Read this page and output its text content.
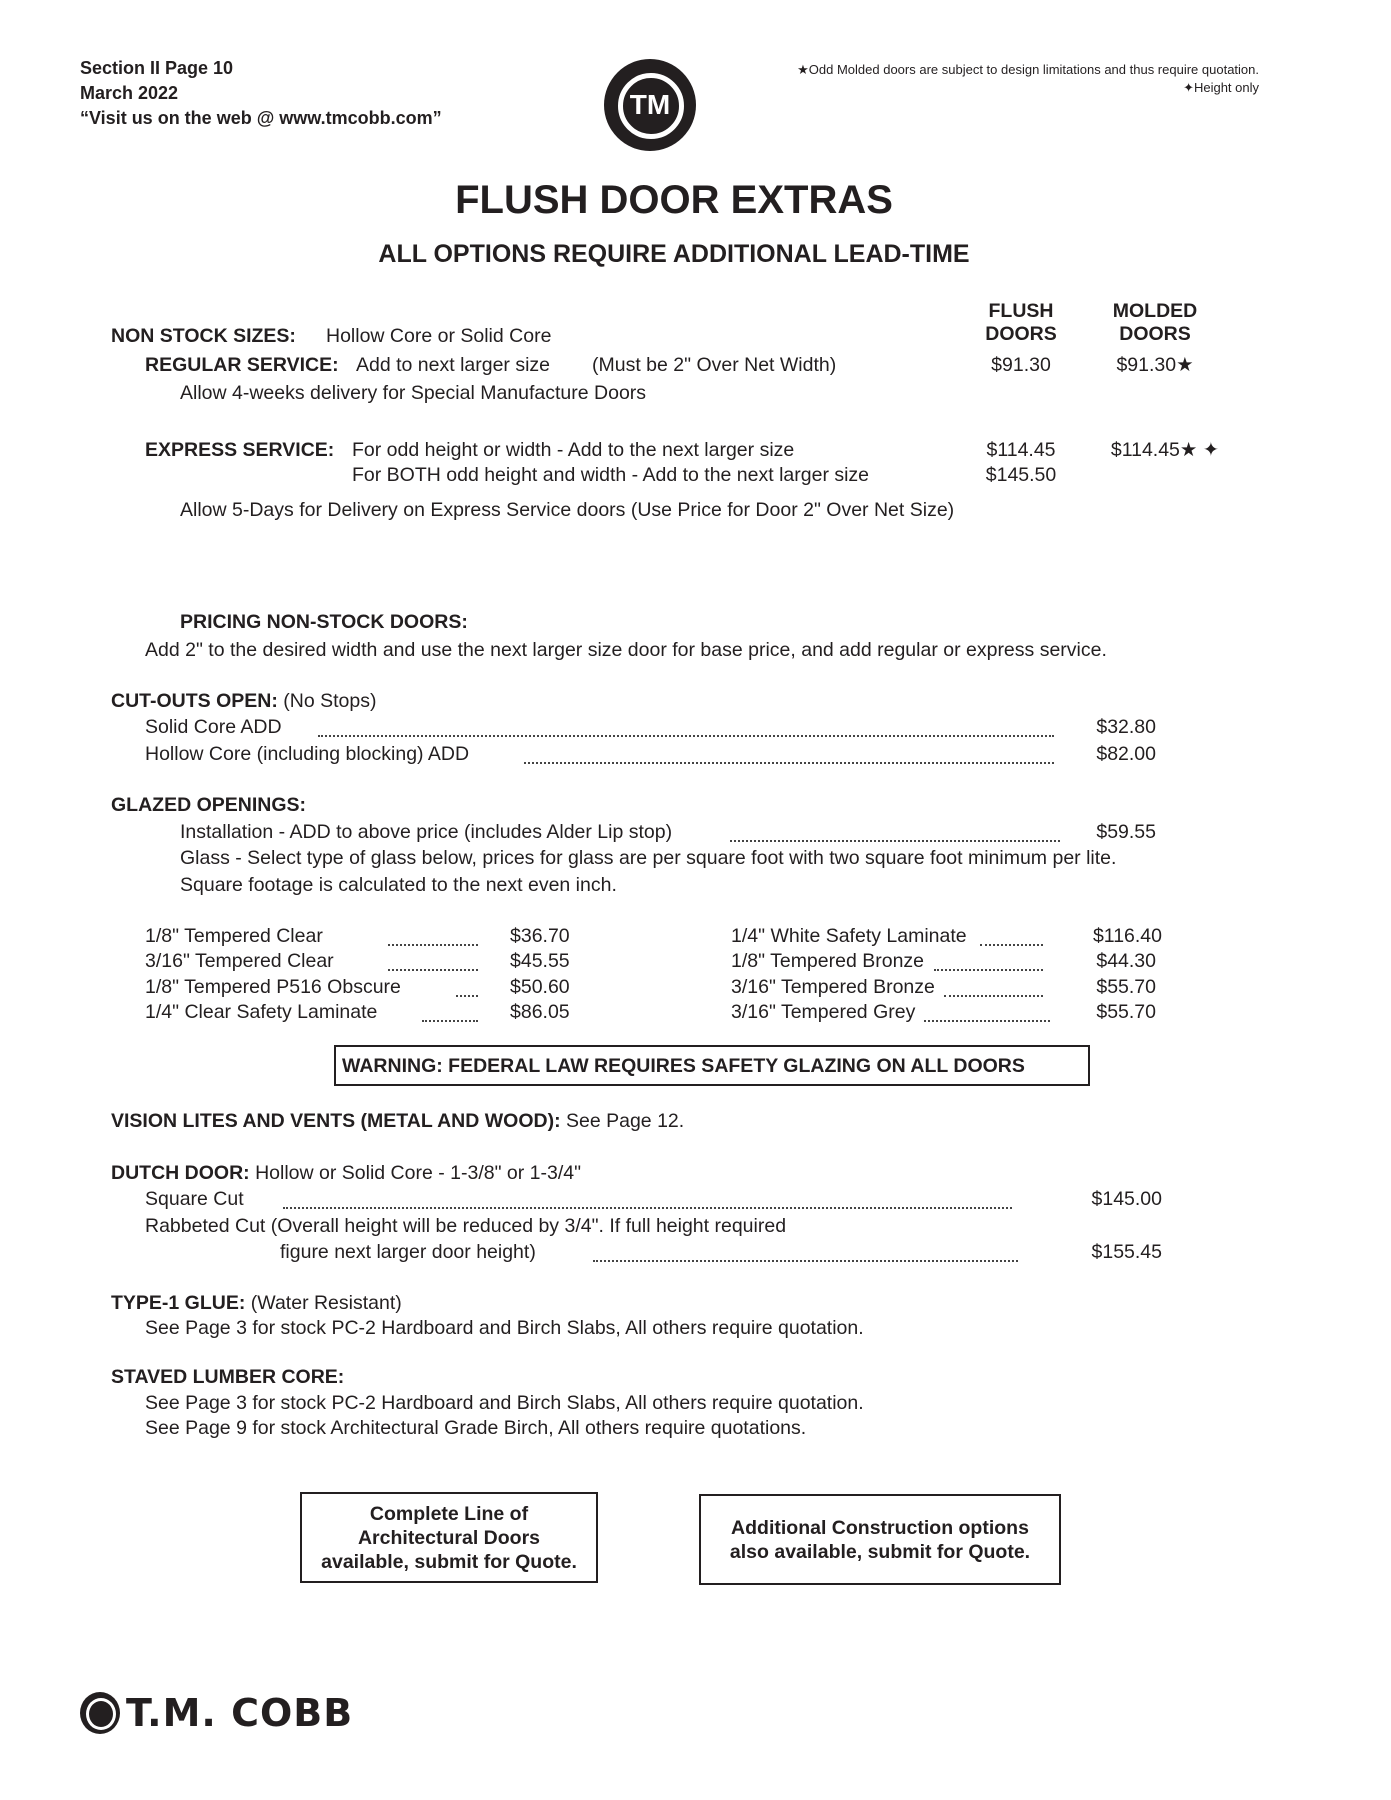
Section II Page 10
March 2022
“Visit us on the web @ www.tmcobb.com”	TM
★Odd Molded doors are subject to design limitations and thus require quotation.
✦Height only
FLUSH DOOR EXTRAS
ALL OPTIONS REQUIRE ADDITIONAL LEAD-TIME
FLUSH
DOORS
MOLDED
DOORS
NON STOCK SIZES: Hollow Core or Solid Core
REGULAR SERVICE: Add to next larger size (Must be 2" Over Net Width)	$91.30	$91.30★
Allow 4-weeks delivery for Special Manufacture Doors
EXPRESS SERVICE: For odd height or width - Add to the next larger size	$114.45	$114.45★ ✦
For BOTH odd height and width - Add to the next larger size	$145.50
Allow 5-Days for Delivery on Express Service doors (Use Price for Door 2" Over Net Size)
PRICING NON-STOCK DOORS:
Add 2" to the desired width and use the next larger size door for base price, and add regular or express service.
CUT-OUTS OPEN: (No Stops)
Solid Core ADD	$32.80
Hollow Core (including blocking) ADD	$82.00
GLAZED OPENINGS:
Installation - ADD to above price (includes Alder Lip stop)	$59.55
Glass - Select type of glass below, prices for glass are per square foot with two square foot minimum per lite.
Square footage is calculated to the next even inch.
1/8" Tempered Clear	$36.70
3/16" Tempered Clear	$45.55
1/8" Tempered P516 Obscure	$50.60
1/4" Clear Safety Laminate	$86.05
1/4" White Safety Laminate	$116.40
1/8" Tempered Bronze	$44.30
3/16" Tempered Bronze	$55.70
3/16" Tempered Grey	$55.70
WARNING: FEDERAL LAW REQUIRES SAFETY GLAZING ON ALL DOORS
VISION LITES AND VENTS (METAL AND WOOD): See Page 12.
DUTCH DOOR: Hollow or Solid Core - 1-3/8" or 1-3/4"
Square Cut	$145.00
Rabbeted Cut (Overall height will be reduced by 3/4". If full height required
figure next larger door height)	$155.45
TYPE-1 GLUE: (Water Resistant)
See Page 3 for stock PC-2 Hardboard and Birch Slabs, All others require quotation.
STAVED LUMBER CORE:
See Page 3 for stock PC-2 Hardboard and Birch Slabs, All others require quotation.
See Page 9 for stock Architectural Grade Birch, All others require quotations.
Complete Line of
Architectural Doors
available, submit for Quote.
Additional Construction options
also available, submit for Quote.
T.M. COBB
